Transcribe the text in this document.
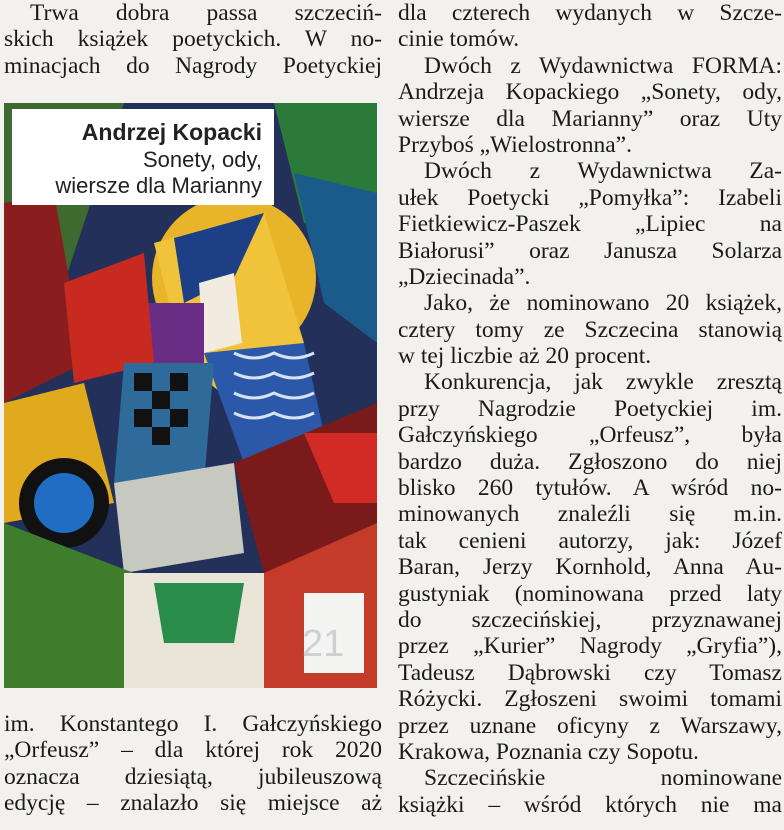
Trwa dobra passa szczeciń-
skich książek poetyckich. W no-
minacjach do Nagrody Poetyckiej
Andrzej Kopacki
Sonety, ody,
wiersze dla Marianny
21
im. Konstantego I. Gałczyńskiego
„Orfeusz” – dla której rok 2020
oznacza dziesiątą, jubileuszową
edycję – znalazło się miejsce aż
dla czterech wydanych w Szcze-
cinie tomów.
Dwóch z Wydawnictwa FORMA:
Andrzeja Kopackiego „Sonety, ody,
wiersze dla Marianny” oraz Uty
Przyboś „Wielostronna”.
Dwóch z Wydawnictwa Za-
ułek Poetycki „Pomyłka”: Izabeli
Fietkiewicz-Paszek „Lipiec na
Białorusi” oraz Janusza Solarza
„Dziecinada”.
Jako, że nominowano 20 książek,
cztery tomy ze Szczecina stanowią
w tej liczbie aż 20 procent.
Konkurencja, jak zwykle zresztą
przy Nagrodzie Poetyckiej im.
Gałczyńskiego „Orfeusz”, była
bardzo duża. Zgłoszono do niej
blisko 260 tytułów. A wśród no-
minowanych znaleźli się m.in.
tak cenieni autorzy, jak: Józef
Baran, Jerzy Kornhold, Anna Au-
gustyniak (nominowana przed laty
do szczecińskiej, przyznawanej
przez „Kurier” Nagrody „Gryfia”),
Tadeusz Dąbrowski czy Tomasz
Różycki. Zgłoszeni swoimi tomami
przez uznane oficyny z Warszawy,
Krakowa, Poznania czy Sopotu.
Szczecińskie nominowane
książki – wśród których nie ma
